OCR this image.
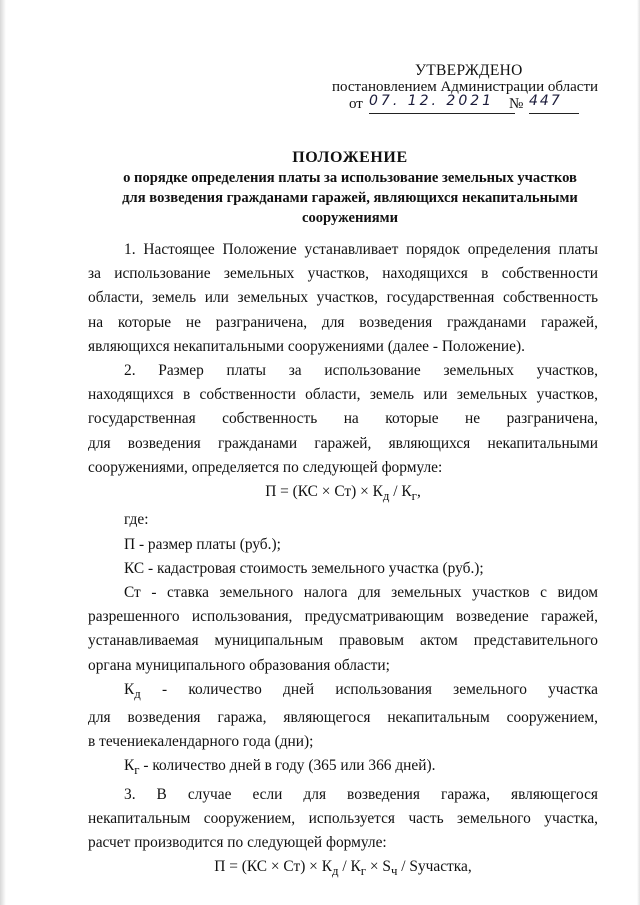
УТВЕРЖДЕНО
постановлением Администрации области
от 07. 12. 2021 № 447
ПОЛОЖЕНИЕ
о порядке определения платы за использование земельных участков
для возведения гражданами гаражей, являющихся некапитальными
сооружениями

1. Настоящее Положение устанавливает порядок определения платы

за использование земельных участков, находящихся в собственности

области, земель или земельных участков, государственная собственность

на которые не разграничена, для возведения гражданами гаражей,

являющихся некапитальными сооружениями (далее - Положение).

2. Размер платы за использование земельных участков,

находящихся в собственности области, земель или земельных участков,

государственная собственность на которые не разграничена,

для возведения гражданами гаражей, являющихся некапитальными

сооружениями, определяется по следующей формуле:

$П = (КС \times Ст) \times К_д / К_г$,

где:

П - размер платы (руб.);

КС - кадастровая стоимость земельного участка (руб.);

Ст - ставка земельного налога для земельных участков с видом

разрешенного использования, предусматривающим возведение гаражей,

устанавливаемая муниципальным правовым актом представительного

органа муниципального образования области;

$К_д$ - количество дней использования земельного участка

для возведения гаража, являющегося некапитальным сооружением,

в течениекалендарного года (дни);

$К_г$ - количество дней в году (365 или 366 дней).

3. В случае если для возведения гаража, являющегося

некапитальным сооружением, используется часть земельного участка,

расчет производится по следующей формуле:

$П = (КС \times Ст) \times К_д / К_г \times S_ч$ / Sучастка,
